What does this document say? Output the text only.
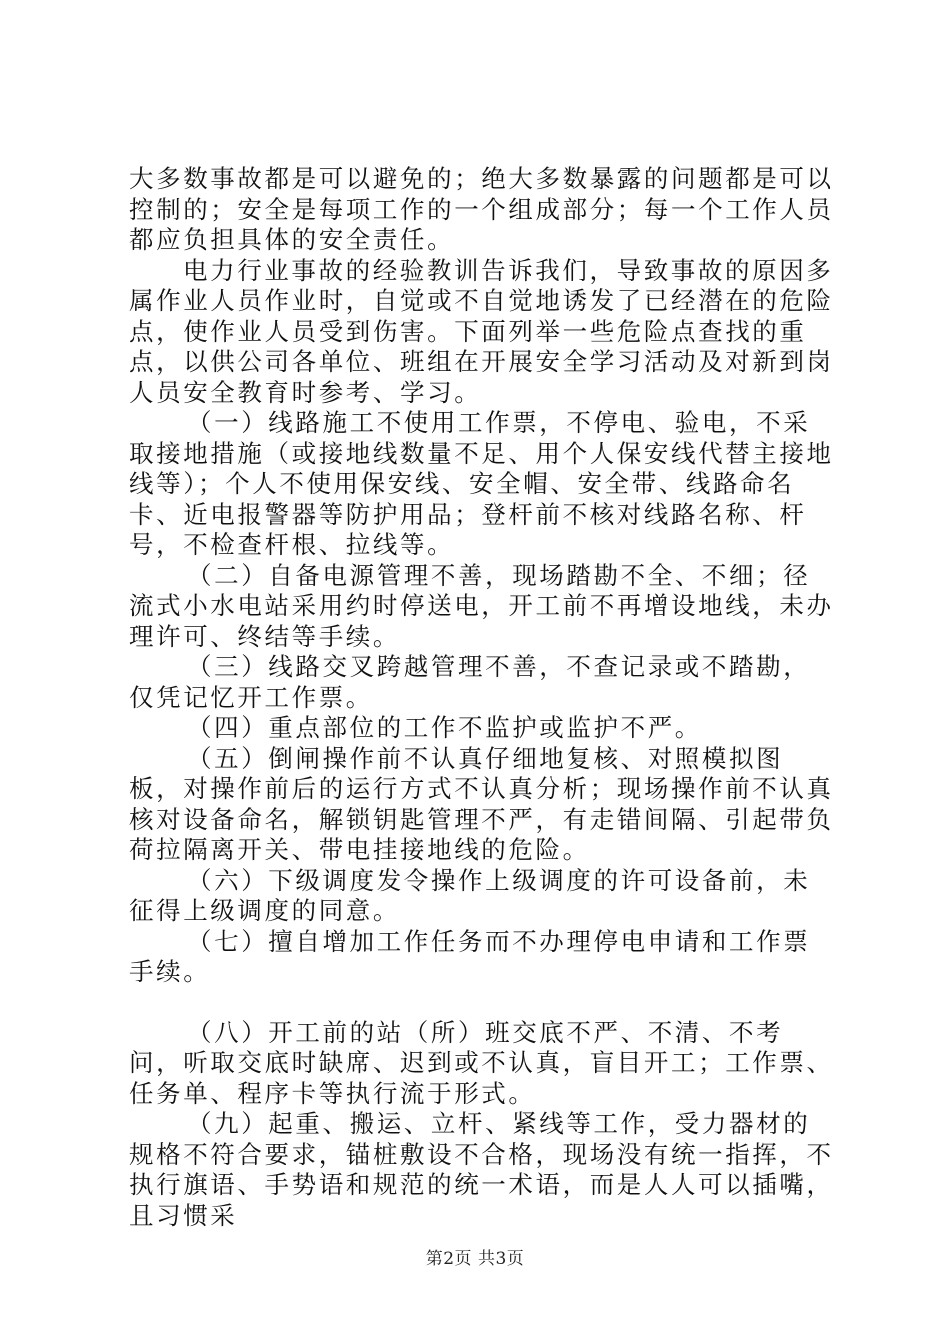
大多数事故都是可以避免的；绝大多数暴露的问题都是可以控制的；安全是每项工作的一个组成部分；每一个工作人员都应负担具体的安全责任。

电力行业事故的经验教训告诉我们，导致事故的原因多属作业人员作业时，自觉或不自觉地诱发了已经潜在的危险点，使作业人员受到伤害。下面列举一些危险点查找的重点，以供公司各单位、班组在开展安全学习活动及对新到岗人员安全教育时参考、学习。

（一）线路施工不使用工作票，不停电、验电，不采取接地措施（或接地线数量不足、用个人保安线代替主接地线等）；个人不使用保安线、安全帽、安全带、线路命名卡、近电报警器等防护用品；登杆前不核对线路名称、杆号，不检查杆根、拉线等。

（二）自备电源管理不善，现场踏勘不全、不细；径流式小水电站采用约时停送电，开工前不再增设地线，未办理许可、终结等手续。

（三）线路交叉跨越管理不善，不查记录或不踏勘，仅凭记忆开工作票。

（四）重点部位的工作不监护或监护不严。

（五）倒闸操作前不认真仔细地复核、对照模拟图板，对操作前后的运行方式不认真分析；现场操作前不认真核对设备命名，解锁钥匙管理不严，有走错间隔、引起带负荷拉隔离开关、带电挂接地线的危险。

（六）下级调度发令操作上级调度的许可设备前，未征得上级调度的同意。

（七）擅自增加工作任务而不办理停电申请和工作票手续。

（八）开工前的站（所）班交底不严、不清、不考问，听取交底时缺席、迟到或不认真，盲目开工；工作票、任务单、程序卡等执行流于形式。

（九）起重、搬运、立杆、紧线等工作，受力器材的规格不符合要求，锚桩敷设不合格，现场没有统一指挥，不执行旗语、手势语和规范的统一术语，而是人人可以插嘴，且习惯采

第2页 共3页
